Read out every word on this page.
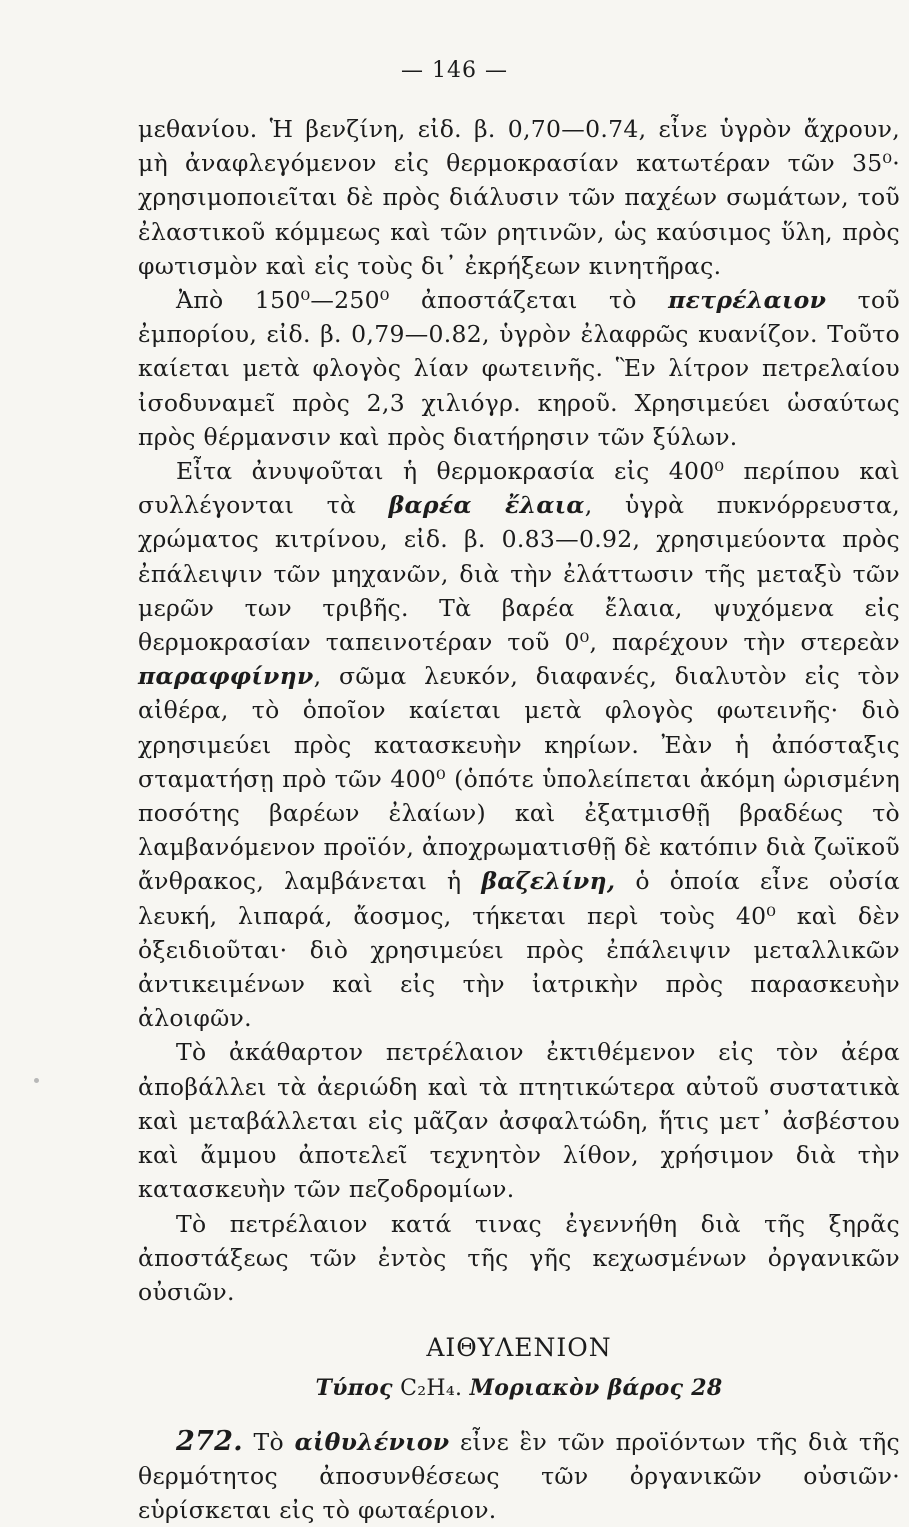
— 146 —

μεθανίου. Ἡ βενζίνη, εἰδ. β. 0,70—0.74, εἶνε ὑγρὸν ἄχρουν, μὴ ἀναφλεγόμενον εἰς θερμοκρασίαν κατωτέραν τῶν 35⁰· χρησιμοποιεῖται δὲ πρὸς διάλυσιν τῶν παχέων σωμάτων, τοῦ ἐλαστικοῦ κόμμεως καὶ τῶν ρητινῶν, ὡς καύσιμος ὕλη, πρὸς φωτισμὸν καὶ εἰς τοὺς δι᾽ ἐκρήξεων κινητῆρας.

Ἀπὸ 150⁰—250⁰ ἀποστάζεται τὸ πετρέλαιον τοῦ ἐμπορίου, εἰδ. β. 0,79—0.82, ὑγρὸν ἐλαφρῶς κυανίζον. Τοῦτο καίεται μετὰ φλογὸς λίαν φωτεινῆς. Ἓν λίτρον πετρελαίου ἰσοδυναμεῖ πρὸς 2,3 χιλιόγρ. κηροῦ. Χρησιμεύει ὡσαύτως πρὸς θέρμανσιν καὶ πρὸς διατήρησιν τῶν ξύλων.

Εἶτα ἀνυψοῦται ἡ θερμοκρασία εἰς 400⁰ περίπου καὶ συλλέγονται τὰ βαρέα ἔλαια, ὑγρὰ πυκνόρρευστα, χρώματος κιτρίνου, εἰδ. β. 0.83—0.92, χρησιμεύοντα πρὸς ἐπάλειψιν τῶν μηχανῶν, διὰ τὴν ἐλάττωσιν τῆς μεταξὺ τῶν μερῶν των τριβῆς. Τὰ βαρέα ἔλαια, ψυχόμενα εἰς θερμοκρασίαν ταπεινοτέραν τοῦ 0⁰, παρέχουν τὴν στερεὰν παραφφίνην, σῶμα λευκόν, διαφανές, διαλυτὸν εἰς τὸν αἰθέρα, τὸ ὁποῖον καίεται μετὰ φλογὸς φωτεινῆς· διὸ χρησιμεύει πρὸς κατασκευὴν κηρίων. Ἐὰν ἡ ἀπόσταξις σταματήσῃ πρὸ τῶν 400⁰ (ὁπότε ὑπολείπεται ἀκόμη ὡρισμένη ποσότης βαρέων ἐλαίων) καὶ ἐξατμισθῇ βραδέως τὸ λαμβανόμενον προϊόν, ἀποχρωματισθῇ δὲ κατόπιν διὰ ζωϊκοῦ ἄνθρακος, λαμβάνεται ἡ βαζελίνη, ὁ ὁποία εἶνε οὐσία λευκή, λιπαρά, ἄοσμος, τήκεται περὶ τοὺς 40⁰ καὶ δὲν ὀξειδιοῦται· διὸ χρησιμεύει πρὸς ἐπάλειψιν μεταλλικῶν ἀντικειμένων καὶ εἰς τὴν ἰατρικὴν πρὸς παρασκευὴν ἀλοιφῶν.

Τὸ ἀκάθαρτον πετρέλαιον ἐκτιθέμενον εἰς τὸν ἀέρα ἀποβάλλει τὰ ἀεριώδη καὶ τὰ πτητικώτερα αὐτοῦ συστατικὰ καὶ μεταβάλλεται εἰς μᾶζαν ἀσφαλτώδη, ἥτις μετ᾽ ἀσβέστου καὶ ἄμμου ἀποτελεῖ τεχνητὸν λίθον, χρήσιμον διὰ τὴν κατασκευὴν τῶν πεζοδρομίων.

Τὸ πετρέλαιον κατά τινας ἐγεννήθη διὰ τῆς ξηρᾶς ἀποστάξεως τῶν ἐντὸς τῆς γῆς κεχωσμένων ὀργανικῶν οὐσιῶν.

ΑΙΘΥΛΕΝΙΟΝ

Τύπος C₂H₄. Μοριακὸν βάρος 28

272. Τὸ αἰθυλένιον εἶνε ἓν τῶν προϊόντων τῆς διὰ τῆς θερμότητος ἀποσυνθέσεως τῶν ὀργανικῶν οὐσιῶν· εὑρίσκεται εἰς τὸ φωταέριον.
